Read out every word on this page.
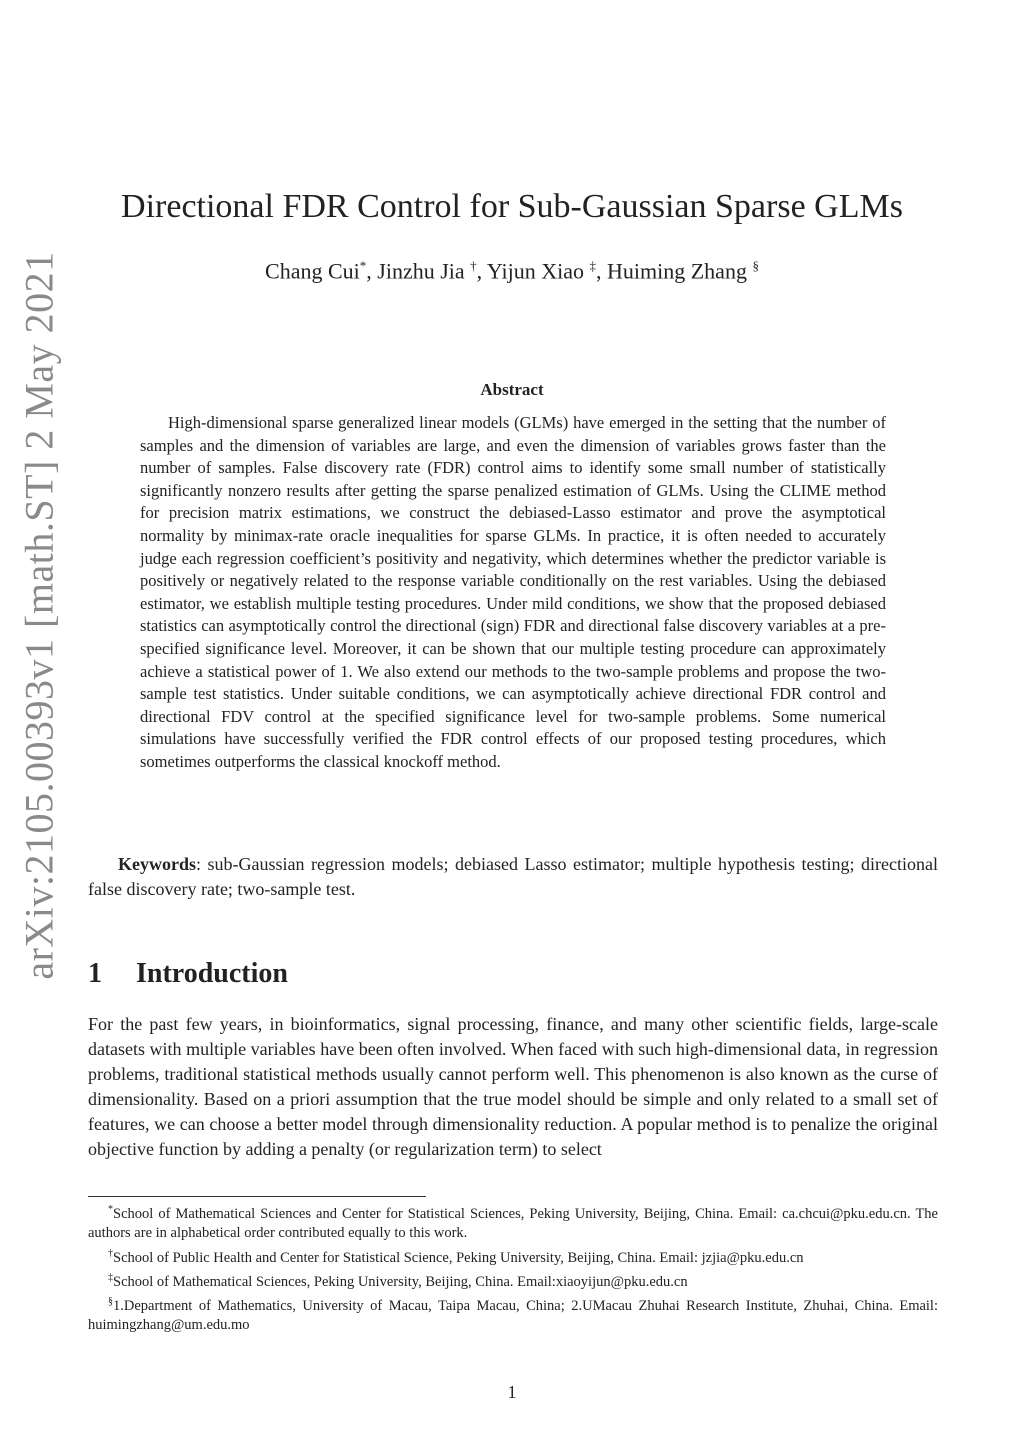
arXiv:2105.00393v1 [math.ST] 2 May 2021
Directional FDR Control for Sub-Gaussian Sparse GLMs
Chang Cui*, Jinzhu Jia †, Yijun Xiao ‡, Huiming Zhang §
Abstract

High-dimensional sparse generalized linear models (GLMs) have emerged in the setting that the number of samples and the dimension of variables are large, and even the dimension of variables grows faster than the number of samples. False discovery rate (FDR) control aims to identify some small number of statistically significantly nonzero results after getting the sparse penalized estimation of GLMs. Using the CLIME method for precision matrix estimations, we construct the debiased-Lasso estimator and prove the asymptotical normality by minimax-rate oracle inequalities for sparse GLMs. In practice, it is often needed to accurately judge each regression coefficient’s positivity and negativity, which determines whether the predictor variable is positively or negatively related to the response variable conditionally on the rest variables. Using the debiased estimator, we establish multiple testing procedures. Under mild conditions, we show that the proposed debiased statistics can asymptotically control the directional (sign) FDR and directional false discovery variables at a pre-specified significance level. Moreover, it can be shown that our multiple testing procedure can approximately achieve a statistical power of 1. We also extend our methods to the two-sample problems and propose the two-sample test statistics. Under suitable conditions, we can asymptotically achieve directional FDR control and directional FDV control at the specified significance level for two-sample problems. Some numerical simulations have successfully verified the FDR control effects of our proposed testing procedures, which sometimes outperforms the classical knockoff method.

Keywords: sub-Gaussian regression models; debiased Lasso estimator; multiple hypothesis testing; directional false discovery rate; two-sample test.

1 Introduction

For the past few years, in bioinformatics, signal processing, finance, and many other scientific fields, large-scale datasets with multiple variables have been often involved. When faced with such high-dimensional data, in regression problems, traditional statistical methods usually cannot perform well. This phenomenon is also known as the curse of dimensionality. Based on a priori assumption that the true model should be simple and only related to a small set of features, we can choose a better model through dimensionality reduction. A popular method is to penalize the original objective function by adding a penalty (or regularization term) to select

*School of Mathematical Sciences and Center for Statistical Sciences, Peking University, Beijing, China. Email: ca.chcui@pku.edu.cn. The authors are in alphabetical order contributed equally to this work.

†School of Public Health and Center for Statistical Science, Peking University, Beijing, China. Email: jzjia@pku.edu.cn

‡School of Mathematical Sciences, Peking University, Beijing, China. Email:xiaoyijun@pku.edu.cn

§1.Department of Mathematics, University of Macau, Taipa Macau, China; 2.UMacau Zhuhai Research Institute, Zhuhai, China. Email: huimingzhang@um.edu.mo

1
